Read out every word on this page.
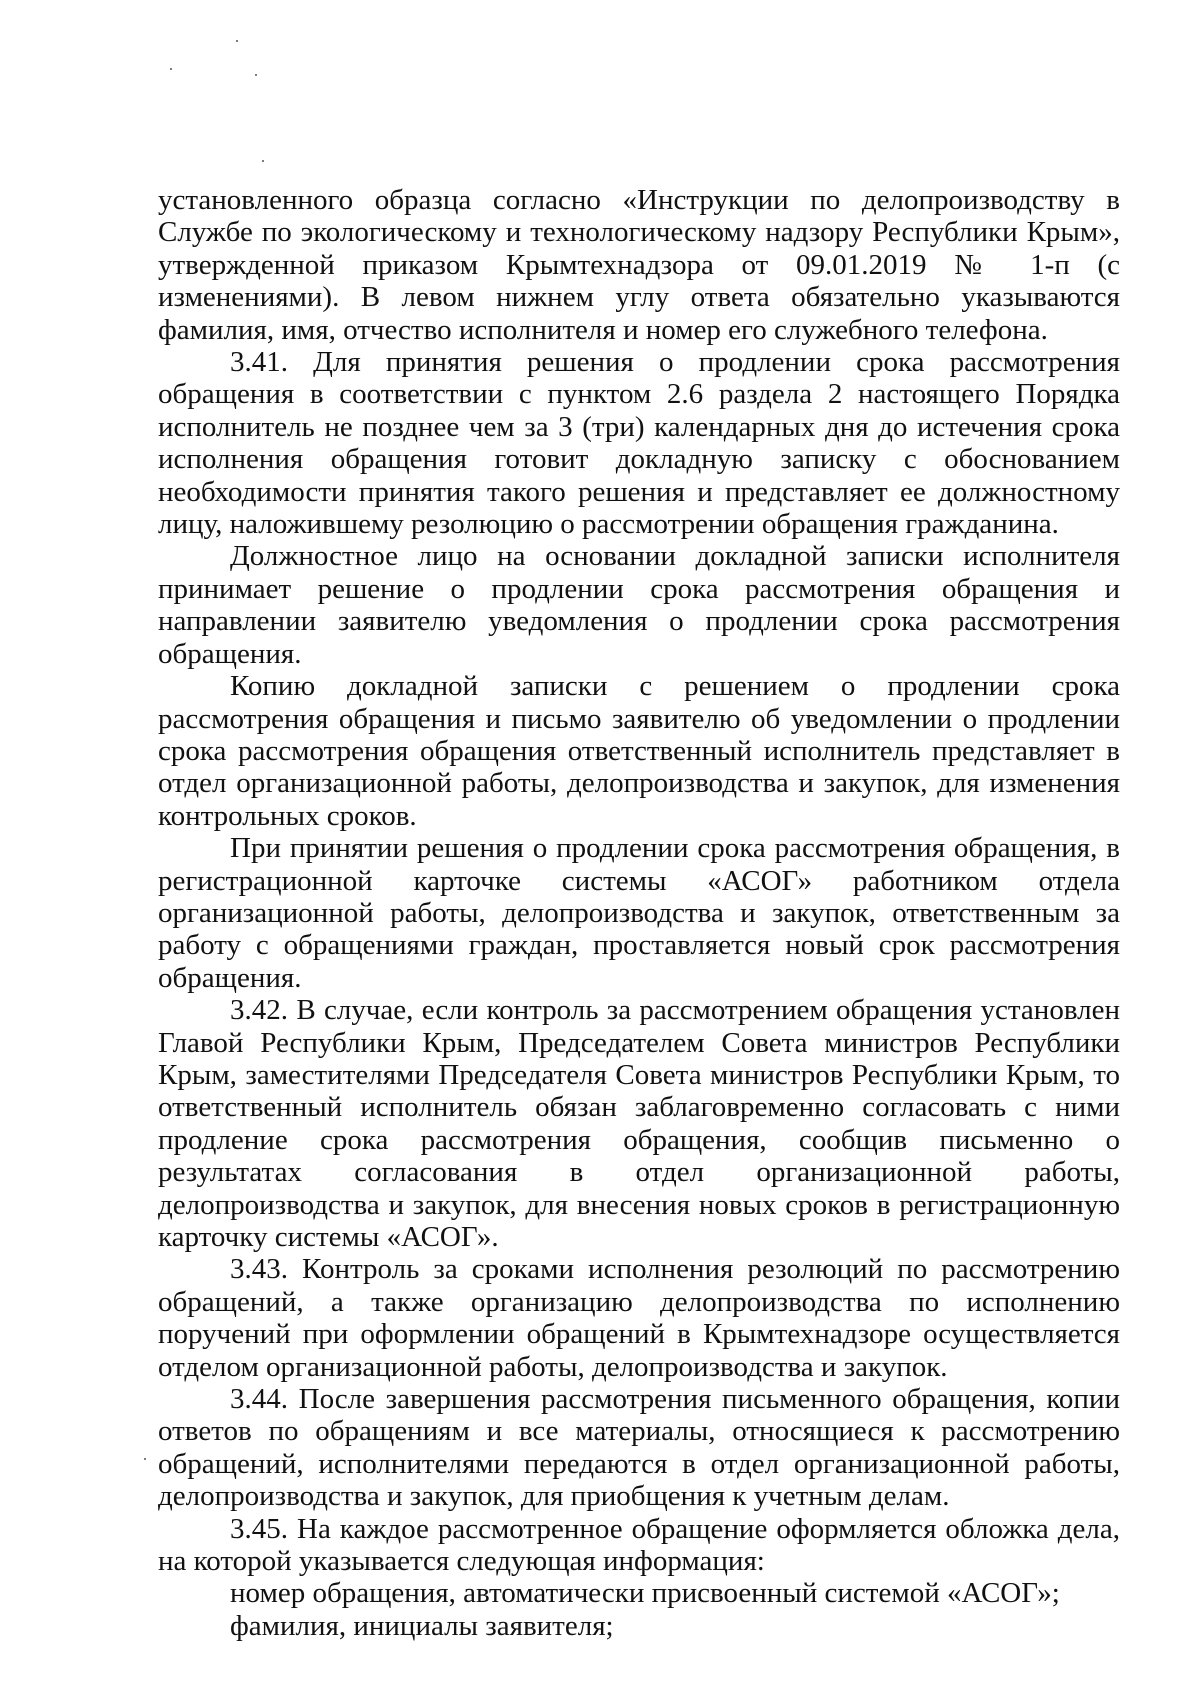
установленного образца согласно «Инструкции по делопроизводству в Службе по экологическому и технологическому надзору Республики Крым», утвержденной приказом Крымтехнадзора от 09.01.2019 № 1-п (с изменениями). В левом нижнем углу ответа обязательно указываются фамилия, имя, отчество исполнителя и номер его служебного телефона.

3.41. Для принятия решения о продлении срока рассмотрения обращения в соответствии с пунктом 2.6 раздела 2 настоящего Порядка исполнитель не позднее чем за 3 (три) календарных дня до истечения срока исполнения обращения готовит докладную записку с обоснованием необходимости принятия такого решения и представляет ее должностному лицу, наложившему резолюцию о рассмотрении обращения гражданина.

Должностное лицо на основании докладной записки исполнителя принимает решение о продлении срока рассмотрения обращения и направлении заявителю уведомления о продлении срока рассмотрения обращения.

Копию докладной записки с решением о продлении срока рассмотрения обращения и письмо заявителю об уведомлении о продлении срока рассмотрения обращения ответственный исполнитель представляет в отдел организационной работы, делопроизводства и закупок, для изменения контрольных сроков.

При принятии решения о продлении срока рассмотрения обращения, в регистрационной карточке системы «АСОГ» работником отдела организационной работы, делопроизводства и закупок, ответственным за работу с обращениями граждан, проставляется новый срок рассмотрения обращения.

3.42. В случае, если контроль за рассмотрением обращения установлен Главой Республики Крым, Председателем Совета министров Республики Крым, заместителями Председателя Совета министров Республики Крым, то ответственный исполнитель обязан заблаговременно согласовать с ними продление срока рассмотрения обращения, сообщив письменно о результатах согласования в отдел организационной работы, делопроизводства и закупок, для внесения новых сроков в регистрационную карточку системы «АСОГ».

3.43. Контроль за сроками исполнения резолюций по рассмотрению обращений, а также организацию делопроизводства по исполнению поручений при оформлении обращений в Крымтехнадзоре осуществляется отделом организационной работы, делопроизводства и закупок.

3.44. После завершения рассмотрения письменного обращения, копии ответов по обращениям и все материалы, относящиеся к рассмотрению обращений, исполнителями передаются в отдел организационной работы, делопроизводства и закупок, для приобщения к учетным делам.

3.45. На каждое рассмотренное обращение оформляется обложка дела, на которой указывается следующая информация:

номер обращения, автоматически присвоенный системой «АСОГ»;

фамилия, инициалы заявителя;
